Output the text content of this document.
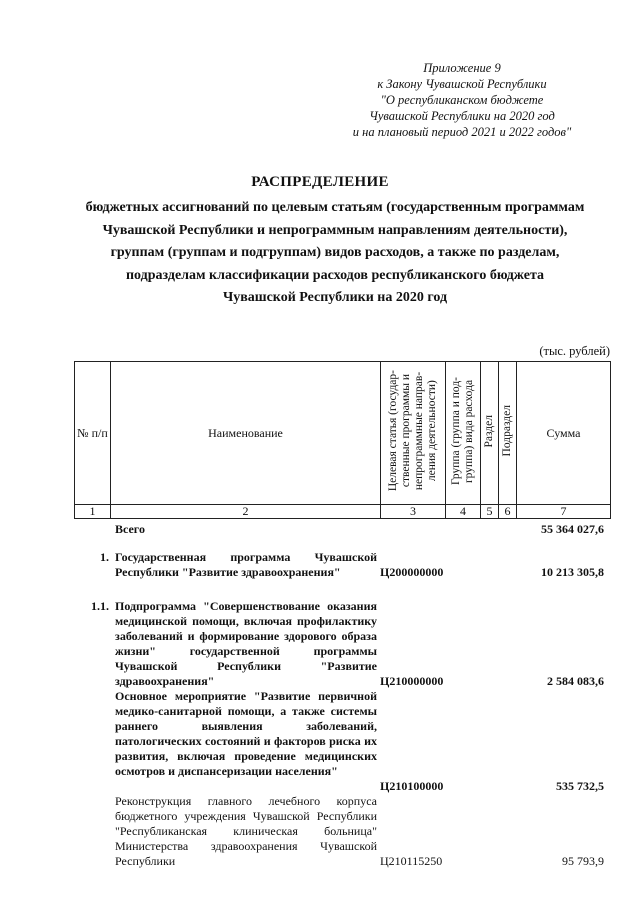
Приложение 9
к Закону Чувашской Республики
"О республиканском бюджете
Чувашской Республики на 2020 год
и на плановый период 2021 и 2022 годов"
РАСПРЕДЕЛЕНИЕ
бюджетных ассигнований по целевым статьям (государственным программам
Чувашской Республики и непрограммным направлениям деятельности),
группам (группам и подгруппам) видов расходов, а также по разделам,
подразделам классификации расходов республиканского бюджета
Чувашской Республики на 2020 год
(тыс. рублей)
№ п/п	Наименование	Целевая статья (государ-
ственные программы и
непрограммные направ-
ления деятельности)	Группа (группа и под-
группа) вида расхода	Раздел	Подраздел	Сумма
1	2	3	4	5	6	7
Всего	55 364 027,6
1. Государственная программа Чувашской Республики "Развитие здравоохранения"	Ц200000000	10 213 305,8
1.1. Подпрограмма "Совершенствование оказания медицинской помощи, включая профилактику заболеваний и формирование здорового образа жизни" государственной программы Чувашской Республики "Развитие здравоохранения"	Ц210000000	2 584 083,6
Основное мероприятие "Развитие первичной медико-санитарной помощи, а также системы раннего выявления заболеваний, патологических состояний и факторов риска их развития, включая проведение медицинских осмотров и диспансеризации населения"
Ц210100000	535 732,5
Реконструкция главного лечебного корпуса бюджетного учреждения Чувашской Республики "Республиканская клиническая больница" Министерства здравоохранения Чувашской Республики	Ц210115250	95 793,9
